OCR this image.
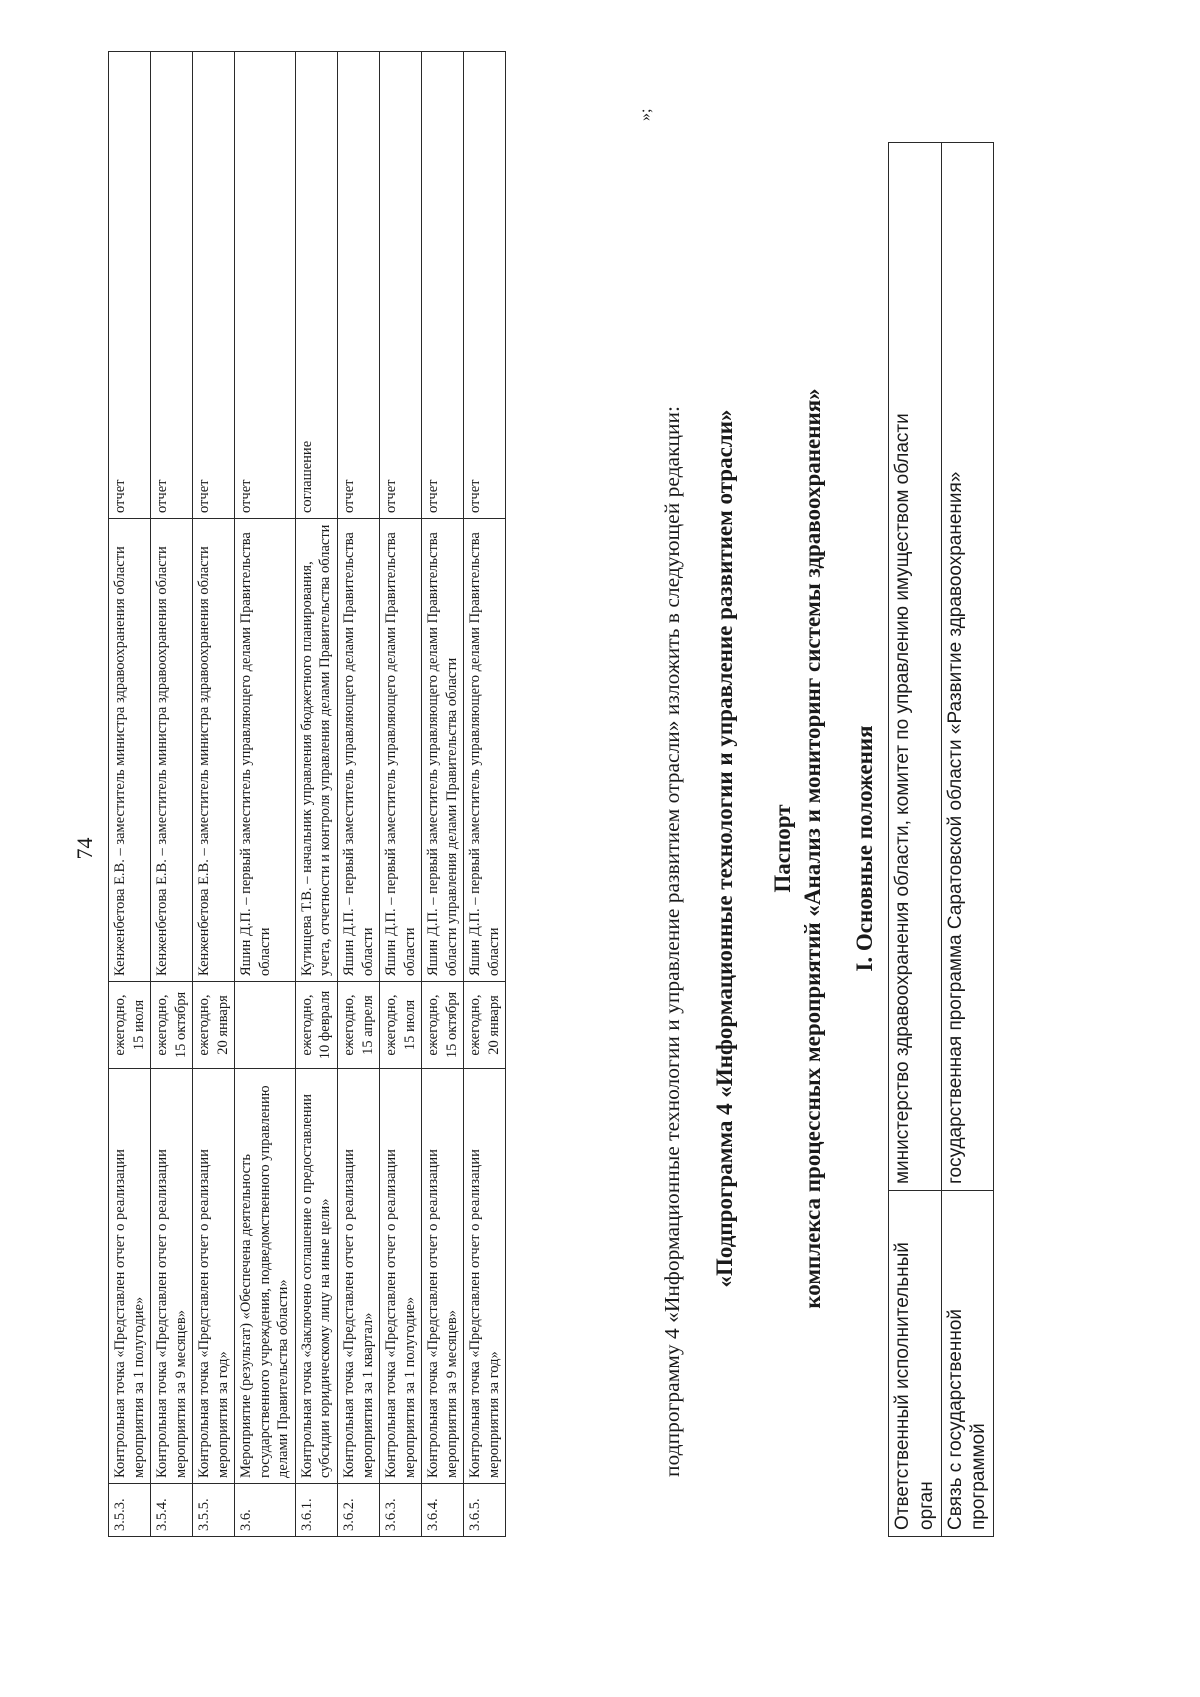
74
3.5.3.	Контрольная точка «Представлен отчет о реализации мероприятия за 1 полугодие»	ежегодно, 15 июля	Кенженбетова Е.В. – заместитель министра здравоохранения области	отчет
3.5.4.	Контрольная точка «Представлен отчет о реализации мероприятия за 9 месяцев»	ежегодно, 15 октября	Кенженбетова Е.В. – заместитель министра здравоохранения области	отчет
3.5.5.	Контрольная точка «Представлен отчет о реализации мероприятия за год»	ежегодно, 20 января	Кенженбетова Е.В. – заместитель министра здравоохранения области	отчет
3.6.	Мероприятие (результат) «Обеспечена деятельность государственного учреждения, подведомственного управлению делами Правительства области»		Яшин Д.П. – первый заместитель управляющего делами Правительства области	отчет
3.6.1.	Контрольная точка «Заключено соглашение о предоставлении субсидии юридическому лицу на иные цели»	ежегодно, 10 февраля	Кутищева Т.В. – начальник управления бюджетного планирования, учета, отчетности и контроля управления делами Правительства области	соглашение
3.6.2.	Контрольная точка «Представлен отчет о реализации мероприятия за 1 квартал»	ежегодно, 15 апреля	Яшин Д.П. – первый заместитель управляющего делами Правительства области	отчет
3.6.3.	Контрольная точка «Представлен отчет о реализации мероприятия за 1 полугодие»	ежегодно, 15 июля	Яшин Д.П. – первый заместитель управляющего делами Правительства области	отчет
3.6.4.	Контрольная точка «Представлен отчет о реализации мероприятия за 9 месяцев»	ежегодно, 15 октября	Яшин Д.П. – первый заместитель управляющего делами Правительства области управления делами Правительства области	отчет
3.6.5.	Контрольная точка «Представлен отчет о реализации мероприятия за год»	ежегодно, 20 января	Яшин Д.П. – первый заместитель управляющего делами Правительства области	отчет
»;
подпрограмму 4 «Информационные технологии и управление развитием отрасли» изложить в следующей редакции: «Подпрограмма 4 «Информационные технологии и управление развитием отрасли» Паспорт комплекса процессных мероприятий «Анализ и мониторинг системы здравоохранения» I. Основные положения
Ответственный исполнительный орган	министерство здравоохранения области, комитет по управлению имуществом области
Связь с государственной программой	государственная программа Саратовской области «Развитие здравоохранения»
